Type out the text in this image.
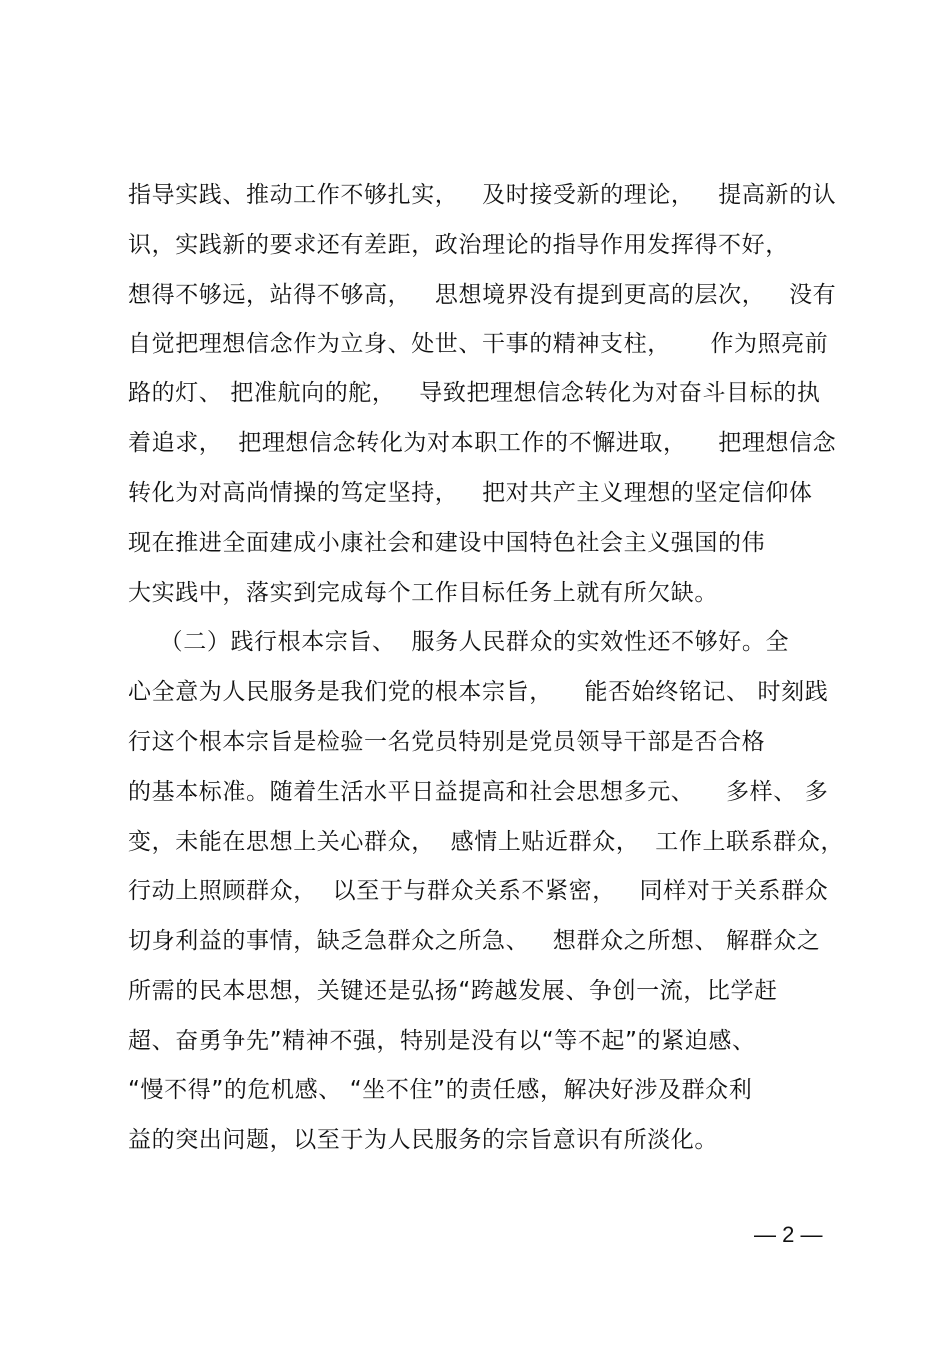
指导实践、推动工作不够扎实，   及时接受新的理论，   提高新的认
识，实践新的要求还有差距，政治理论的指导作用发挥得不好，
想得不够远，站得不够高，   思想境界没有提到更高的层次，   没有
自觉把理想信念作为立身、处世、干事的精神支柱，     作为照亮前
路的灯、 把准航向的舵，   导致把理想信念转化为对奋斗目标的执
着追求，  把理想信念转化为对本职工作的不懈进取，    把理想信念
转化为对高尚情操的笃定坚持，   把对共产主义理想的坚定信仰体
现在推进全面建成小康社会和建设中国特色社会主义强国的伟
大实践中，落实到完成每个工作目标任务上就有所欠缺。
（二）践行根本宗旨、  服务人民群众的实效性还不够好。全
心全意为人民服务是我们党的根本宗旨，    能否始终铭记、 时刻践
行这个根本宗旨是检验一名党员特别是党员领导干部是否合格
的基本标准。随着生活水平日益提高和社会思想多元、    多样、 多
变，未能在思想上关心群众，  感情上贴近群众，  工作上联系群众，
行动上照顾群众，  以至于与群众关系不紧密，   同样对于关系群众
切身利益的事情，缺乏急群众之所急、   想群众之所想、 解群众之
所需的民本思想，关键还是弘扬“跨越发展、争创一流，比学赶
超、奋勇争先”精神不强，特别是没有以“等不起”的紧迫感、
“慢不得”的危机感、 “坐不住”的责任感，解决好涉及群众利
益的突出问题，以至于为人民服务的宗旨意识有所淡化。
— 2 —
